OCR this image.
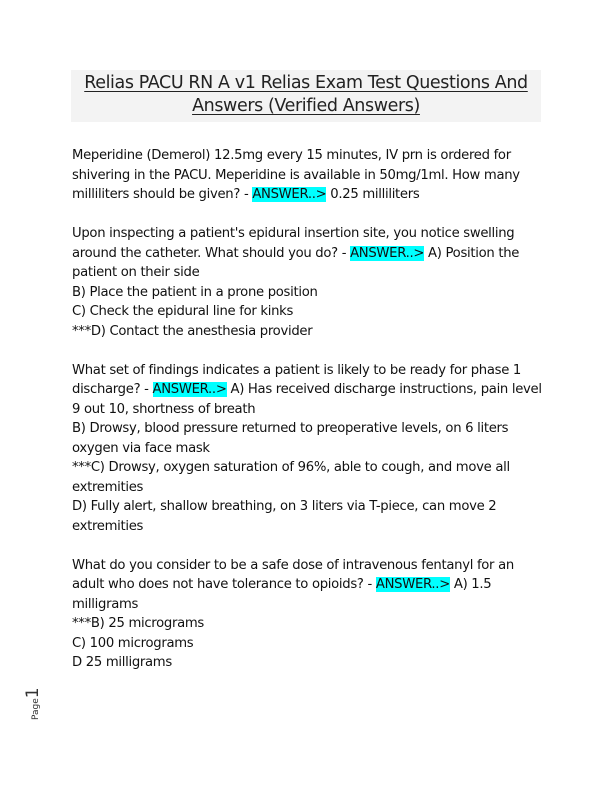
Relias PACU RN A v1 Relias Exam Test Questions And
Answers (Verified Answers)

Meperidine (Demerol) 12.5mg every 15 minutes, IV prn is ordered for shivering in the PACU. Meperidine is available in 50mg/1ml. How many milliliters should be given? - ANSWER..> 0.25 milliliters

Upon inspecting a patient's epidural insertion site, you notice swelling around the catheter. What should you do? - ANSWER..> A) Position the patient on their side

B) Place the patient in a prone position

C) Check the epidural line for kinks

***D) Contact the anesthesia provider

What set of findings indicates a patient is likely to be ready for phase 1 discharge? - ANSWER..> A) Has received discharge instructions, pain level 9 out 10, shortness of breath

B) Drowsy, blood pressure returned to preoperative levels, on 6 liters oxygen via face mask

***C) Drowsy, oxygen saturation of 96%, able to cough, and move all extremities

D) Fully alert, shallow breathing, on 3 liters via T-piece, can move 2 extremities

What do you consider to be a safe dose of intravenous fentanyl for an adult who does not have tolerance to opioids? - ANSWER..> A) 1.5 milligrams

***B) 25 micrograms

C) 100 micrograms

D 25 milligrams

Page1
